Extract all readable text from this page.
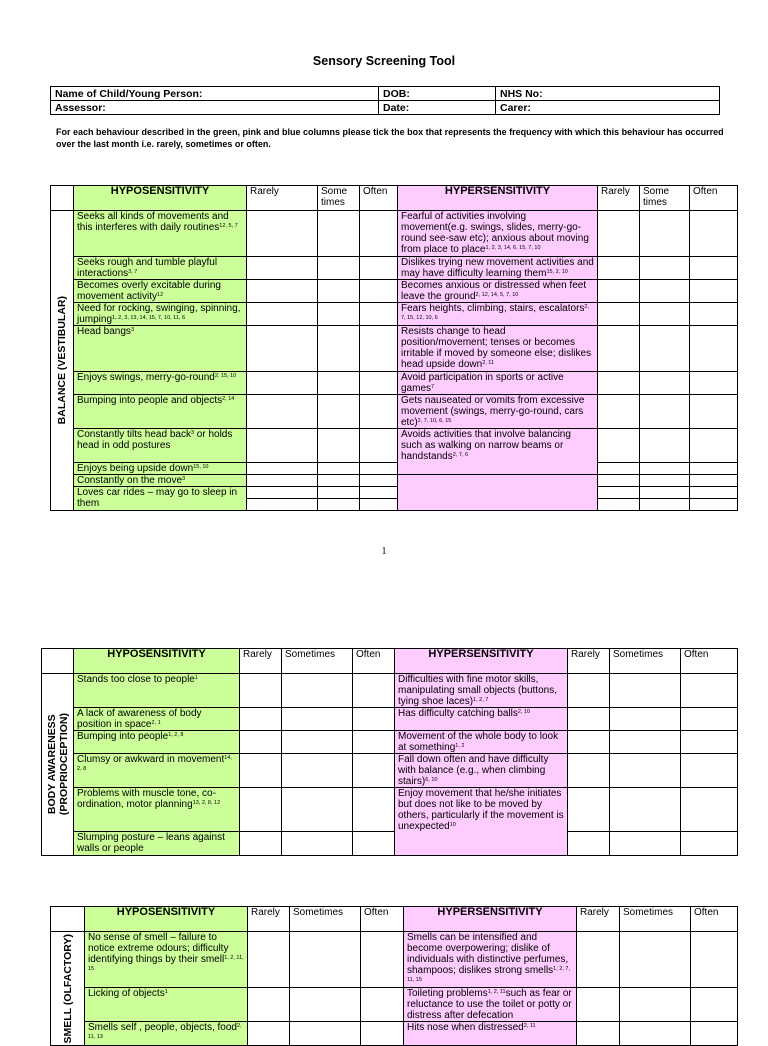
Sensory Screening Tool
Name of Child/Young Person:	DOB:	NHS No:
Assessor:	Date:	Carer:
For each behaviour described in the green, pink and blue columns please tick the box that represents the frequency with which this behaviour has occurred over the last month i.e. rarely, sometimes or often.
	HYPOSENSITIVITY	Rarely	Some times	Often	HYPERSENSITIVITY	Rarely	Some times	Often

BALANCE (VESTIBULAR)	Seeks all kinds of movements and this interferes with daily routines$^{12, 5, 7}$				Fearful of activities involving movement(e.g. swings, slides, merry-go-round see-saw etc); anxious about moving from place to place$^{1, 2, 3, 14, 6, 15, 7, 10}$			
	Seeks rough and tumble playful interactions$^{3, 7}$				Dislikes trying new movement activities and may have difficulty learning them$^{15, 2, 10}$			
	Becomes overly excitable during movement activity$^{12}$				Becomes anxious or distressed when feet leave the ground$^{2, 12, 14, 5, 7, 10}$			
	Need for rocking, swinging, spinning, jumping$^{1, 2, 3, 13, 14, 15, 7, 10, 11, 6}$				Fears heights, climbing, stairs, escalators$^{2, 7, 15, 12, 10, 6}$			
	Head bangs$^3$				Resists change to head position/movement; tenses or becomes irritable if moved by someone else; dislikes head upside down$^{2, 11}$			
	Enjoys swings, merry-go-round$^{2, 15, 10}$				Avoid participation in sports or active games$^7$			
	Bumping into people and objects$^{2, 14}$				Gets nauseated or vomits from excessive movement (swings, merry-go-round, cars etc)$^{2, 7, 10, 6, 15}$			
	Constantly tilts head back$^3$ or holds head in odd postures				Avoids activities that involve balancing such as walking on narrow beams or handstands$^{2, 7, 6}$			
	Enjoys being upside down$^{15, 10}$						
	Constantly on the move$^3$							
	Loves car rides – may go to sleep in them							

1
	HYPOSENSITIVITY	Rarely	Sometimes	Often	HYPERSENSITIVITY	Rarely	Sometimes	Often

BODY AWARENESS
(PROPRIOCEPTION)	Stands too close to people$^1$				Difficulties with fine motor skills, manipulating small objects (buttons, tying shoe laces)$^{1, 2, 7}$			
	A lack of awareness of body position in space$^{2, 1}$				Has difficulty catching balls$^{2, 10}$			
	Bumping into people$^{1, 2, 8}$				Movement of the whole body to look at something$^{1, 2}$			
	Clumsy or awkward in movement$^{14, 2, 8}$				Fall down often and have difficulty with balance (e.g., when climbing stairs)$^{6, 10}$			
	Problems with muscle tone, co-ordination, motor planning$^{13, 2, 8, 12}$				Enjoy movement that he/she initiates but does not like to be moved by others, particularly if the movement is unexpected$^{10}$			
	Slumping posture – leans against walls or people							
	HYPOSENSITIVITY	Rarely	Sometimes	Often	HYPERSENSITIVITY	Rarely	Sometimes	Often

SMELL (OLFACTORY)	No sense of smell – failure to notice extreme odours; difficulty identifying things by their smell$^{1, 2, 11, 15}$				Smells can be intensified and become overpowering; dislike of individuals with distinctive perfumes, shampoos; dislikes strong smells$^{1, 2, 7, 11, 15}$			
	Licking of objects$^1$				Toileting problems$^{1, 2, 11}$such as fear or reluctance to use the toilet or potty or distress after defecation			
	Smells self , people, objects, food$^{2, 11, 13}$				Hits nose when distressed$^{2, 11}$			
